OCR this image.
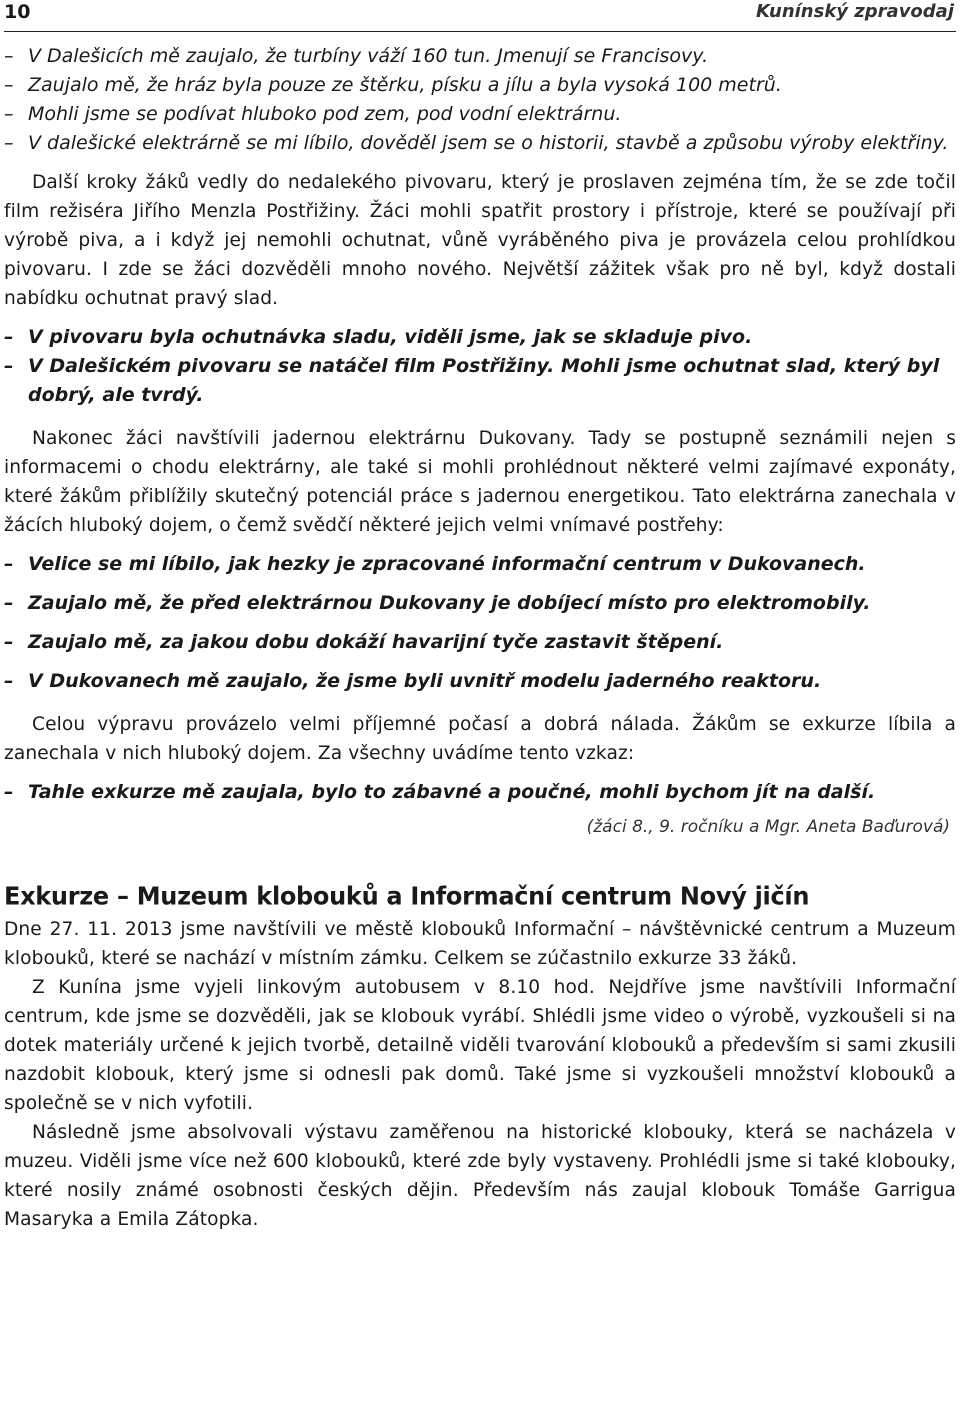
10	Kunínský zpravodaj
– V Dalešicích mě zaujalo, že turbíny váží 160 tun. Jmenují se Francisovy.
– Zaujalo mě, že hráz byla pouze ze štěrku, písku a jílu a byla vysoká 100 metrů.
– Mohli jsme se podívat hluboko pod zem, pod vodní elektrárnu.
– V dalešické elektrárně se mi líbilo, dověděl jsem se o historii, stavbě a způsobu výroby elektřiny.

Další kroky žáků vedly do nedalekého pivovaru, který je proslaven zejména tím, že se zde točil film režiséra Jiřího Menzla Postřižiny. Žáci mohli spatřit prostory i přístroje, které se používají při výrobě piva, a i když jej nemohli ochutnat, vůně vyráběného piva je provázela celou prohlídkou pivovaru. I zde se žáci dozvěděli mnoho nového. Největší zážitek však pro ně byl, když dostali nabídku ochutnat pravý slad.

– V pivovaru byla ochutnávka sladu, viděli jsme, jak se skladuje pivo.
– V Dalešickém pivovaru se natáčel film Postřižiny. Mohli jsme ochutnat slad, který byl dobrý, ale tvrdý.

Nakonec žáci navštívili jadernou elektrárnu Dukovany. Tady se postupně seznámili nejen s informacemi o chodu elektrárny, ale také si mohli prohlédnout některé velmi zajímavé exponáty, které žákům přiblížily skutečný potenciál práce s jadernou energetikou. Tato elektrárna zanechala v žácích hluboký dojem, o čemž svědčí některé jejich velmi vnímavé postřehy:

– Velice se mi líbilo, jak hezky je zpracované informační centrum v Dukovanech.
– Zaujalo mě, že před elektrárnou Dukovany je dobíjecí místo pro elektromobily.
– Zaujalo mě, za jakou dobu dokáží havarijní tyče zastavit štěpení.
– V Dukovanech mě zaujalo, že jsme byli uvnitř modelu jaderného reaktoru.

Celou výpravu provázelo velmi příjemné počasí a dobrá nálada. Žákům se exkurze líbila a zanechala v nich hluboký dojem. Za všechny uvádíme tento vzkaz:

– Tahle exkurze mě zaujala, bylo to zábavné a poučné, mohli bychom jít na další.
(žáci 8., 9. ročníku a Mgr. Aneta Baďurová)
Exkurze – Muzeum klobouků a Informační centrum Nový jičín

Dne 27. 11. 2013 jsme navštívili ve městě klobouků Informační – návštěvnické centrum a Muzeum klobouků, které se nachází v místním zámku. Celkem se zúčastnilo exkurze 33 žáků.

Z Kunína jsme vyjeli linkovým autobusem v 8.10 hod. Nejdříve jsme navštívili Informační centrum, kde jsme se dozvěděli, jak se klobouk vyrábí. Shlédli jsme video o výrobě, vyzkoušeli si na dotek materiály určené k jejich tvorbě, detailně viděli tvarování klobouků a především si sami zkusili nazdobit klobouk, který jsme si odnesli pak domů. Také jsme si vyzkoušeli množství klobouků a společně se v nich vyfotili.

Následně jsme absolvovali výstavu zaměřenou na historické klobouky, která se nacházela v muzeu. Viděli jsme více než 600 klobouků, které zde byly vystaveny. Prohlédli jsme si také klobouky, které nosily známé osobnosti českých dějin. Především nás zaujal klobouk Tomáše Garrigua Masaryka a Emila Zátopka.
